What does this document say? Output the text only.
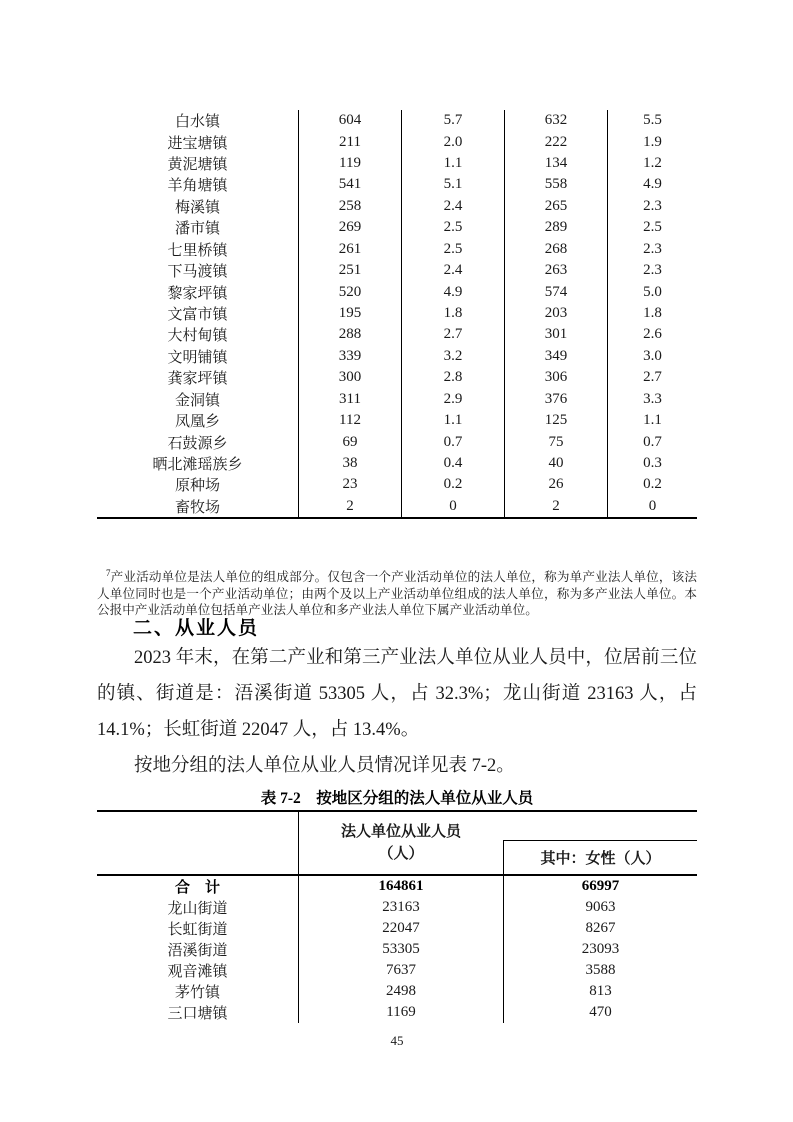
白水镇	604	5.7	632	5.5
进宝塘镇	211	2.0	222	1.9
黄泥塘镇	119	1.1	134	1.2
羊角塘镇	541	5.1	558	4.9
梅溪镇	258	2.4	265	2.3
潘市镇	269	2.5	289	2.5
七里桥镇	261	2.5	268	2.3
下马渡镇	251	2.4	263	2.3
黎家坪镇	520	4.9	574	5.0
文富市镇	195	1.8	203	1.8
大村甸镇	288	2.7	301	2.6
文明铺镇	339	3.2	349	3.0
龚家坪镇	300	2.8	306	2.7
金洞镇	311	2.9	376	3.3
凤凰乡	112	1.1	125	1.1
石鼓源乡	69	0.7	75	0.7
晒北滩瑶族乡	38	0.4	40	0.3
原种场	23	0.2	26	0.2
畜牧场	2	0	2	0

$^7$产业活动单位是法人单位的组成部分。仅包含一个产业活动单位的法人单位，称为单产业法人单位，该法人单位同时也是一个产业活动单位；由两个及以上产业活动单位组成的法人单位，称为多产业法人单位。本公报中产业活动单位包括单产业法人单位和多产业法人单位下属产业活动单位。

二、从业人员

2023 年末，在第二产业和第三产业法人单位从业人员中，位居前三位的镇、街道是：浯溪街道 53305 人，占 32.3%；龙山街道 23163 人，占 14.1%；长虹街道 22047 人，占 13.4%。

按地分组的法人单位从业人员情况详见表 7-2。

表 7-2　按地区分组的法人单位从业人员
法人单位从业人员
（人）	其中：女性（人）
合　计	164861	66997
龙山街道	23163	9063
长虹街道	22047	8267
浯溪街道	53305	23093
观音滩镇	7637	3588
茅竹镇	2498	813
三口塘镇	1169	470
45
